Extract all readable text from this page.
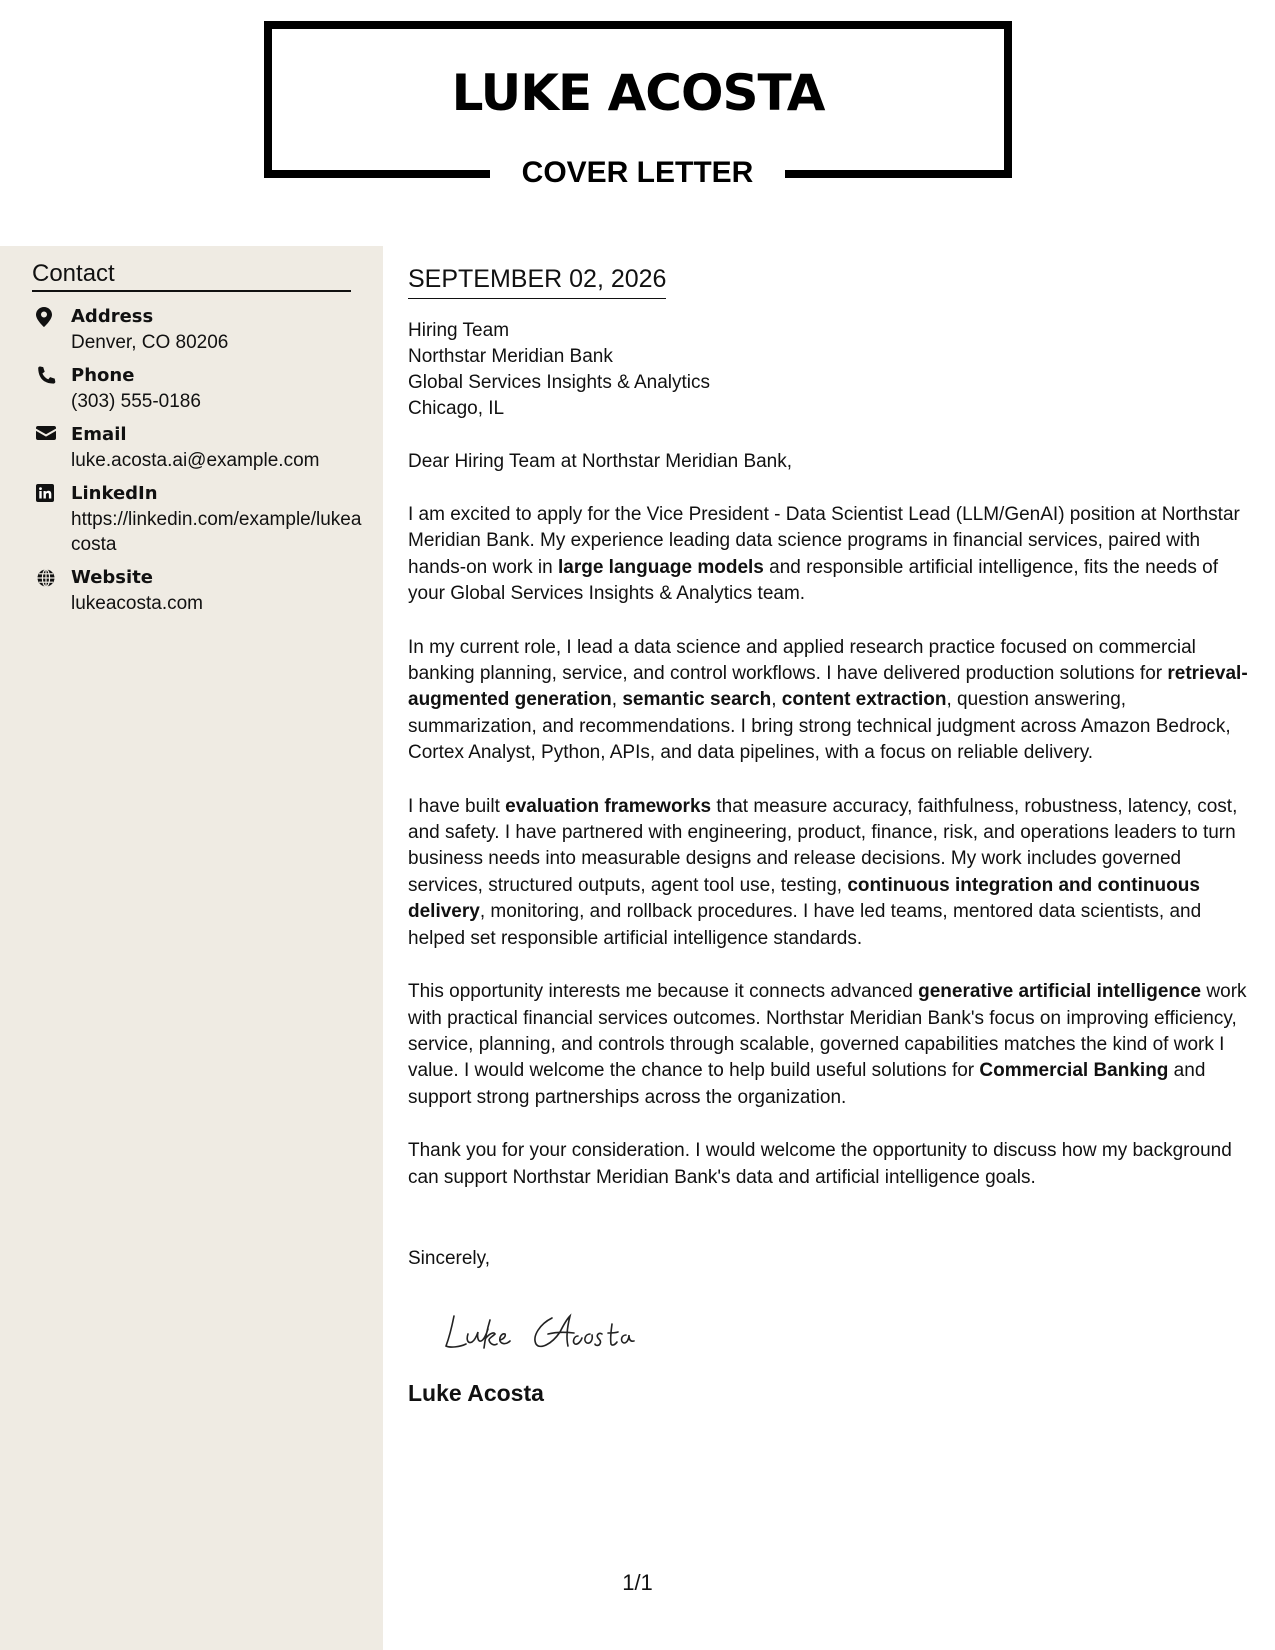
LUKE ACOSTA
COVER LETTER
Contact
Address
Denver, CO 80206
Phone
(303) 555-0186
Email
luke.acosta.ai@example.com
LinkedIn
https://linkedin.com/example/lukeacosta
Website
lukeacosta.com
SEPTEMBER 02, 2026
Hiring Team
Northstar Meridian Bank
Global Services Insights & Analytics
Chicago, IL
Dear Hiring Team at Northstar Meridian Bank,

I am excited to apply for the Vice President - Data Scientist Lead (LLM/GenAI) position at Northstar Meridian Bank. My experience leading data science programs in financial services, paired with hands-on work in large language models and responsible artificial intelligence, fits the needs of your Global Services Insights & Analytics team.

In my current role, I lead a data science and applied research practice focused on commercial banking planning, service, and control workflows. I have delivered production solutions for retrieval-augmented generation, semantic search, content extraction, question answering, summarization, and recommendations. I bring strong technical judgment across Amazon Bedrock, Cortex Analyst, Python, APIs, and data pipelines, with a focus on reliable delivery.

I have built evaluation frameworks that measure accuracy, faithfulness, robustness, latency, cost, and safety. I have partnered with engineering, product, finance, risk, and operations leaders to turn business needs into measurable designs and release decisions. My work includes governed services, structured outputs, agent tool use, testing, continuous integration and continuous delivery, monitoring, and rollback procedures. I have led teams, mentored data scientists, and helped set responsible artificial intelligence standards.

This opportunity interests me because it connects advanced generative artificial intelligence work with practical financial services outcomes. Northstar Meridian Bank's focus on improving efficiency, service, planning, and controls through scalable, governed capabilities matches the kind of work I value. I would welcome the chance to help build useful solutions for Commercial Banking and support strong partnerships across the organization.

Thank you for your consideration. I would welcome the opportunity to discuss how my background can support Northstar Meridian Bank's data and artificial intelligence goals.

Sincerely,
Luke Acosta
1/1
